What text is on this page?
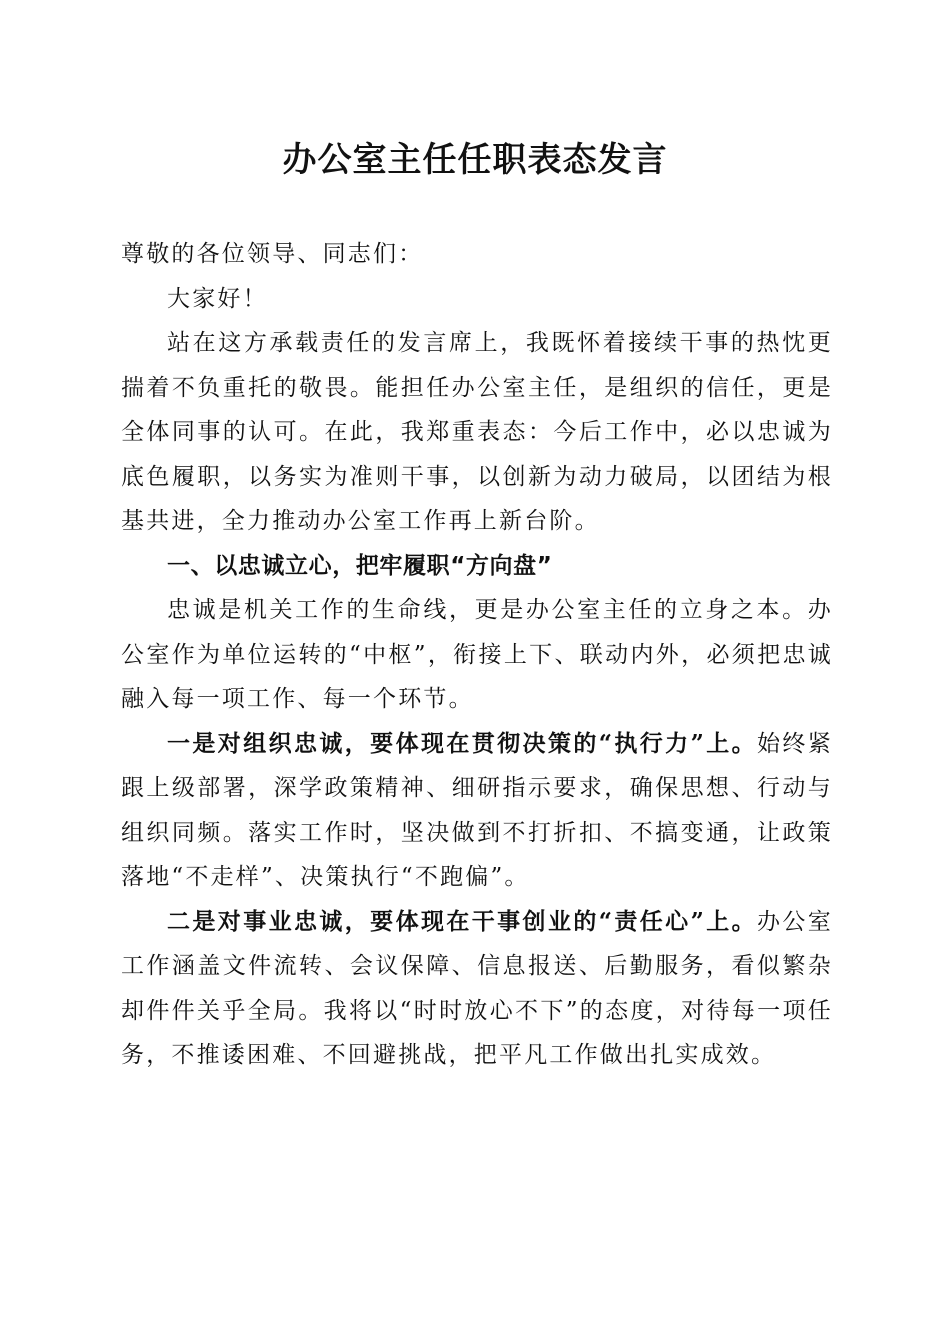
办公室主任任职表态发言

尊敬的各位领导、同志们：

大家好！

站在这方承载责任的发言席上，我既怀着接续干事的热忱更揣着不负重托的敬畏。能担任办公室主任，是组织的信任，更是全体同事的认可。在此，我郑重表态：今后工作中，必以忠诚为底色履职，以务实为准则干事，以创新为动力破局，以团结为根基共进，全力推动办公室工作再上新台阶。

一、以忠诚立心，把牢履职“方向盘”

忠诚是机关工作的生命线，更是办公室主任的立身之本。办公室作为单位运转的“中枢”，衔接上下、联动内外，必须把忠诚融入每一项工作、每一个环节。

一是对组织忠诚，要体现在贯彻决策的“执行力”上。始终紧跟上级部署，深学政策精神、细研指示要求，确保思想、行动与组织同频。落实工作时，坚决做到不打折扣、不搞变通，让政策落地“不走样”、决策执行“不跑偏”。

二是对事业忠诚，要体现在干事创业的“责任心”上。办公室工作涵盖文件流转、会议保障、信息报送、后勤服务，看似繁杂却件件关乎全局。我将以“时时放心不下”的态度，对待每一项任务，不推诿困难、不回避挑战，把平凡工作做出扎实成效。
